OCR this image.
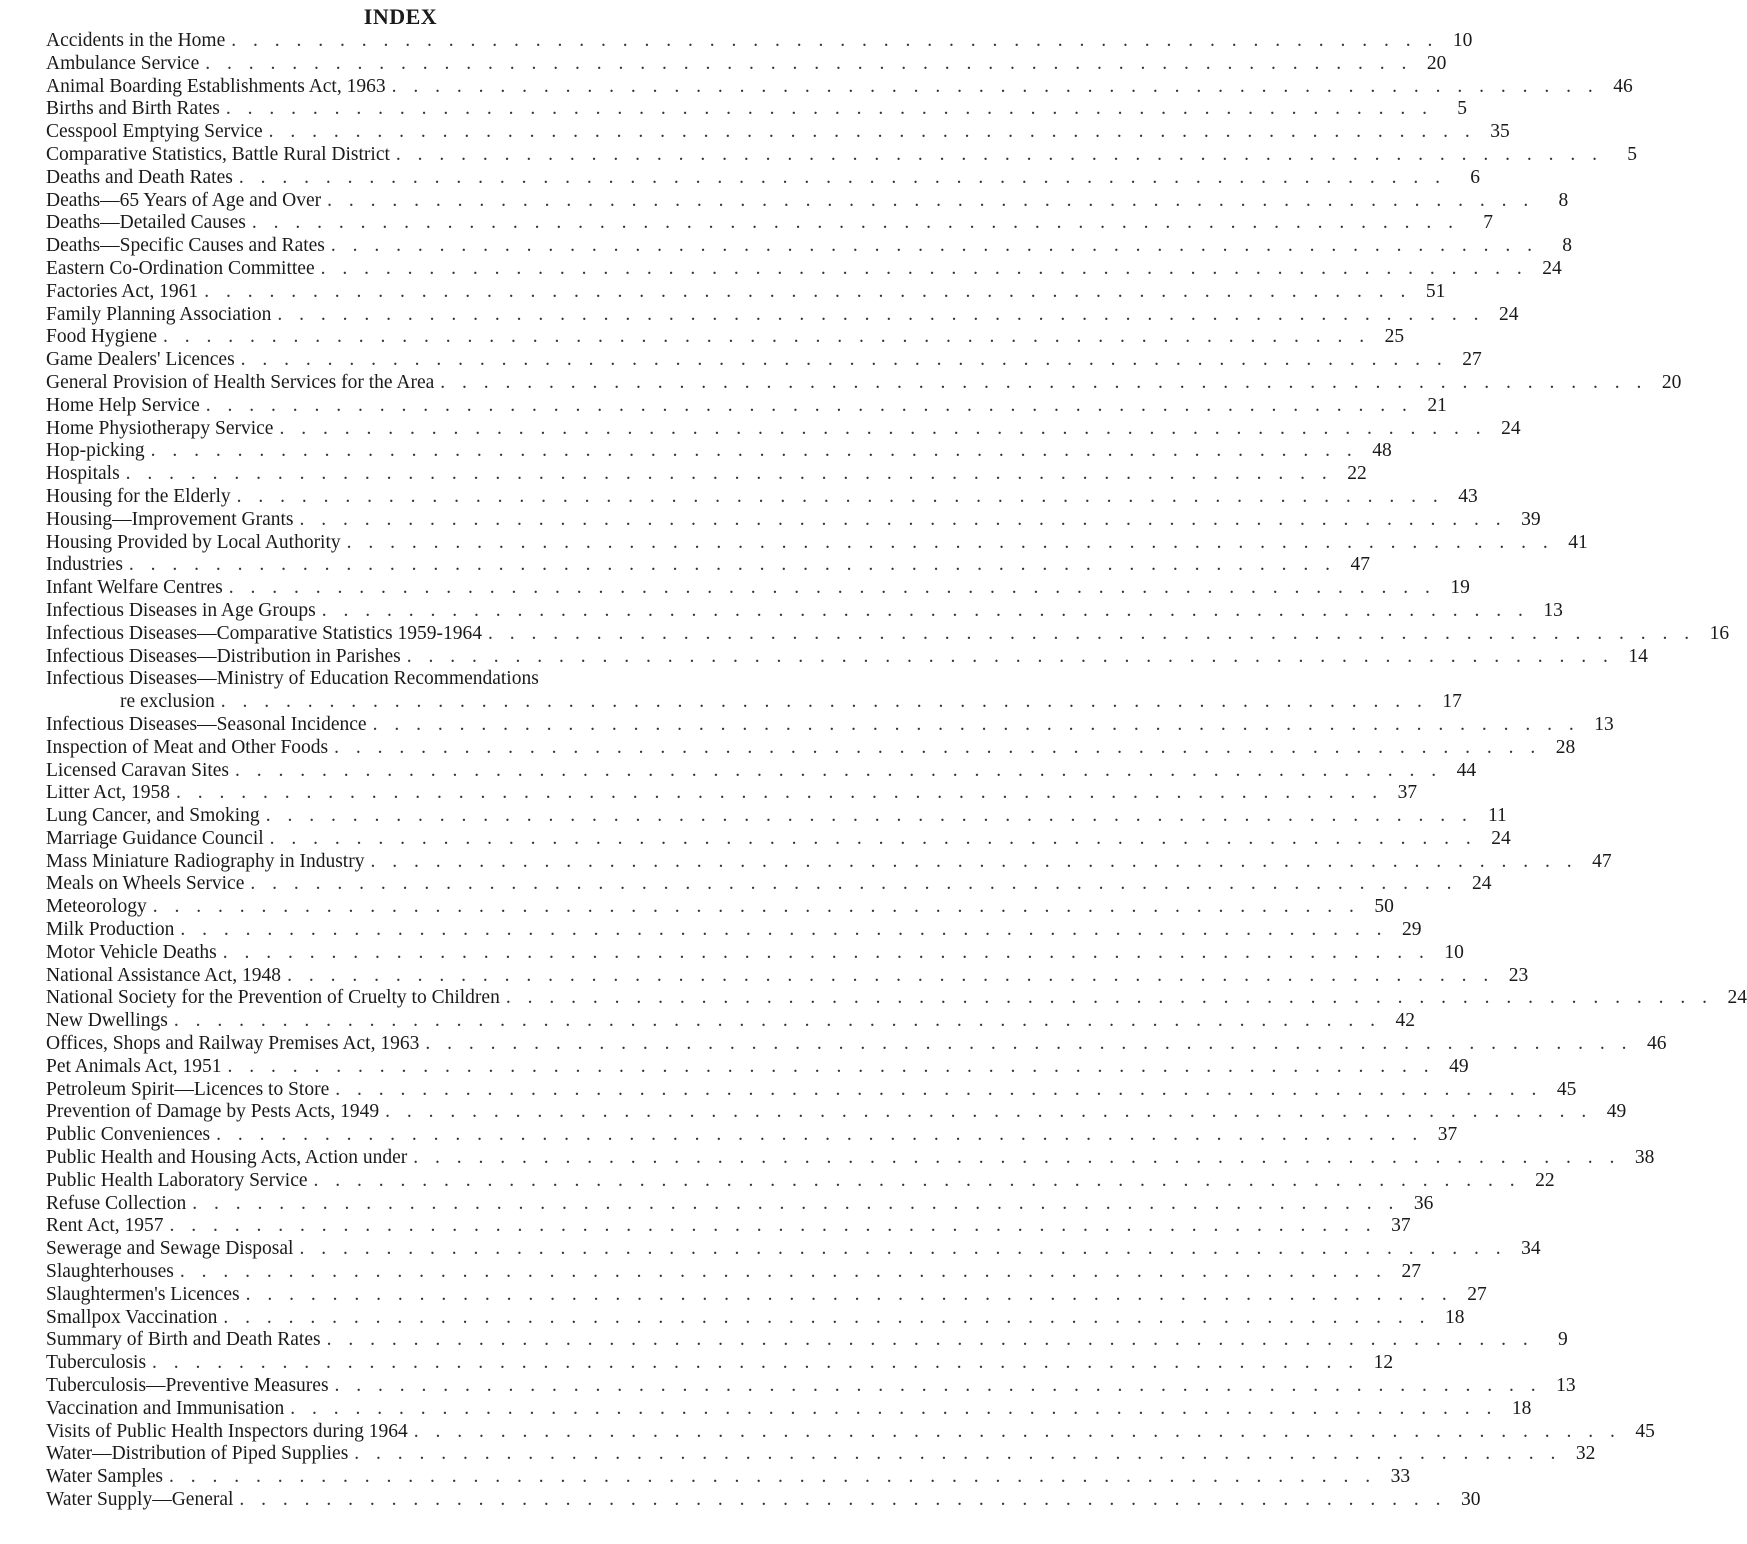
INDEX
Accidents in the Home . . . . . . . . . . . . . . . . . . . . . . . . . . . . . . . . . . . . . . . . . . . . . . . . . . . . . . . . 10
Ambulance Service . . . . . . . . . . . . . . . . . . . . . . . . . . . . . . . . . . . . . . . . . . . . . . . . . . . . . . . . 20
Animal Boarding Establishments Act, 1963 . . . . . . . . . . . . . . . . . . . . . . . . . . . . . . . . . . . . . . . . . . . . . . . . . . . . . . . . 46
Births and Birth Rates . . . . . . . . . . . . . . . . . . . . . . . . . . . . . . . . . . . . . . . . . . . . . . . . . . . . . . . .	5
Cesspool Emptying Service . . . . . . . . . . . . . . . . . . . . . . . . . . . . . . . . . . . . . . . . . . . . . . . . . . . . . . . . 35
Comparative Statistics, Battle Rural District . . . . . . . . . . . . . . . . . . . . . . . . . . . . . . . . . . . . . . . . . . . . . . . . . . . . . . . .	5
Deaths and Death Rates . . . . . . . . . . . . . . . . . . . . . . . . . . . . . . . . . . . . . . . . . . . . . . . . . . . . . . . .	6
Deaths—65 Years of Age and Over . . . . . . . . . . . . . . . . . . . . . . . . . . . . . . . . . . . . . . . . . . . . . . . . . . . . . . . .	8
Deaths—Detailed Causes . . . . . . . . . . . . . . . . . . . . . . . . . . . . . . . . . . . . . . . . . . . . . . . . . . . . . . . .	7
Deaths—Specific Causes and Rates . . . . . . . . . . . . . . . . . . . . . . . . . . . . . . . . . . . . . . . . . . . . . . . . . . . . . . . .	8
Eastern Co-Ordination Committee . . . . . . . . . . . . . . . . . . . . . . . . . . . . . . . . . . . . . . . . . . . . . . . . . . . . . . . . 24
Factories Act, 1961 . . . . . . . . . . . . . . . . . . . . . . . . . . . . . . . . . . . . . . . . . . . . . . . . . . . . . . . . 51
Family Planning Association . . . . . . . . . . . . . . . . . . . . . . . . . . . . . . . . . . . . . . . . . . . . . . . . . . . . . . . . 24
Food Hygiene . . . . . . . . . . . . . . . . . . . . . . . . . . . . . . . . . . . . . . . . . . . . . . . . . . . . . . . . 25
Game Dealers' Licences . . . . . . . . . . . . . . . . . . . . . . . . . . . . . . . . . . . . . . . . . . . . . . . . . . . . . . . . 27
General Provision of Health Services for the Area . . . . . . . . . . . . . . . . . . . . . . . . . . . . . . . . . . . . . . . . . . . . . . . . . . . . . . . . 20
Home Help Service . . . . . . . . . . . . . . . . . . . . . . . . . . . . . . . . . . . . . . . . . . . . . . . . . . . . . . . . 21
Home Physiotherapy Service . . . . . . . . . . . . . . . . . . . . . . . . . . . . . . . . . . . . . . . . . . . . . . . . . . . . . . . . 24
Hop-picking . . . . . . . . . . . . . . . . . . . . . . . . . . . . . . . . . . . . . . . . . . . . . . . . . . . . . . . . 48
Hospitals . . . . . . . . . . . . . . . . . . . . . . . . . . . . . . . . . . . . . . . . . . . . . . . . . . . . . . . . 22
Housing for the Elderly . . . . . . . . . . . . . . . . . . . . . . . . . . . . . . . . . . . . . . . . . . . . . . . . . . . . . . . . 43
Housing—Improvement Grants . . . . . . . . . . . . . . . . . . . . . . . . . . . . . . . . . . . . . . . . . . . . . . . . . . . . . . . . 39
Housing Provided by Local Authority . . . . . . . . . . . . . . . . . . . . . . . . . . . . . . . . . . . . . . . . . . . . . . . . . . . . . . . . 41
Industries . . . . . . . . . . . . . . . . . . . . . . . . . . . . . . . . . . . . . . . . . . . . . . . . . . . . . . . . 47
Infant Welfare Centres . . . . . . . . . . . . . . . . . . . . . . . . . . . . . . . . . . . . . . . . . . . . . . . . . . . . . . . . 19
Infectious Diseases in Age Groups . . . . . . . . . . . . . . . . . . . . . . . . . . . . . . . . . . . . . . . . . . . . . . . . . . . . . . . . 13
Infectious Diseases—Comparative Statistics 1959-1964 . . . . . . . . . . . . . . . . . . . . . . . . . . . . . . . . . . . . . . . . . . . . . . . . . . . . . . . . 16
Infectious Diseases—Distribution in Parishes . . . . . . . . . . . . . . . . . . . . . . . . . . . . . . . . . . . . . . . . . . . . . . . . . . . . . . . . 14
Infectious Diseases—Ministry of Education Recommendations
re exclusion . . . . . . . . . . . . . . . . . . . . . . . . . . . . . . . . . . . . . . . . . . . . . . . . . . . . . . . . 17
Infectious Diseases—Seasonal Incidence . . . . . . . . . . . . . . . . . . . . . . . . . . . . . . . . . . . . . . . . . . . . . . . . . . . . . . . . 13
Inspection of Meat and Other Foods . . . . . . . . . . . . . . . . . . . . . . . . . . . . . . . . . . . . . . . . . . . . . . . . . . . . . . . . 28
Licensed Caravan Sites . . . . . . . . . . . . . . . . . . . . . . . . . . . . . . . . . . . . . . . . . . . . . . . . . . . . . . . . 44
Litter Act, 1958 . . . . . . . . . . . . . . . . . . . . . . . . . . . . . . . . . . . . . . . . . . . . . . . . . . . . . . . . 37
Lung Cancer, and Smoking . . . . . . . . . . . . . . . . . . . . . . . . . . . . . . . . . . . . . . . . . . . . . . . . . . . . . . . . 11
Marriage Guidance Council . . . . . . . . . . . . . . . . . . . . . . . . . . . . . . . . . . . . . . . . . . . . . . . . . . . . . . . . 24
Mass Miniature Radiography in Industry . . . . . . . . . . . . . . . . . . . . . . . . . . . . . . . . . . . . . . . . . . . . . . . . . . . . . . . . 47
Meals on Wheels Service . . . . . . . . . . . . . . . . . . . . . . . . . . . . . . . . . . . . . . . . . . . . . . . . . . . . . . . . 24
Meteorology . . . . . . . . . . . . . . . . . . . . . . . . . . . . . . . . . . . . . . . . . . . . . . . . . . . . . . . . 50
Milk Production . . . . . . . . . . . . . . . . . . . . . . . . . . . . . . . . . . . . . . . . . . . . . . . . . . . . . . . . 29
Motor Vehicle Deaths . . . . . . . . . . . . . . . . . . . . . . . . . . . . . . . . . . . . . . . . . . . . . . . . . . . . . . . . 10
National Assistance Act, 1948 . . . . . . . . . . . . . . . . . . . . . . . . . . . . . . . . . . . . . . . . . . . . . . . . . . . . . . . . 23
National Society for the Prevention of Cruelty to Children . . . . . . . . . . . . . . . . . . . . . . . . . . . . . . . . . . . . . . . . . . . . . . . . . . . . . . . . 24
New Dwellings . . . . . . . . . . . . . . . . . . . . . . . . . . . . . . . . . . . . . . . . . . . . . . . . . . . . . . . . 42
Offices, Shops and Railway Premises Act, 1963 . . . . . . . . . . . . . . . . . . . . . . . . . . . . . . . . . . . . . . . . . . . . . . . . . . . . . . . . 46
Pet Animals Act, 1951 . . . . . . . . . . . . . . . . . . . . . . . . . . . . . . . . . . . . . . . . . . . . . . . . . . . . . . . . 49
Petroleum Spirit—Licences to Store . . . . . . . . . . . . . . . . . . . . . . . . . . . . . . . . . . . . . . . . . . . . . . . . . . . . . . . . 45
Prevention of Damage by Pests Acts, 1949 . . . . . . . . . . . . . . . . . . . . . . . . . . . . . . . . . . . . . . . . . . . . . . . . . . . . . . . . 49
Public Conveniences . . . . . . . . . . . . . . . . . . . . . . . . . . . . . . . . . . . . . . . . . . . . . . . . . . . . . . . . 37
Public Health and Housing Acts, Action under . . . . . . . . . . . . . . . . . . . . . . . . . . . . . . . . . . . . . . . . . . . . . . . . . . . . . . . . 38
Public Health Laboratory Service . . . . . . . . . . . . . . . . . . . . . . . . . . . . . . . . . . . . . . . . . . . . . . . . . . . . . . . . 22
Refuse Collection . . . . . . . . . . . . . . . . . . . . . . . . . . . . . . . . . . . . . . . . . . . . . . . . . . . . . . . . 36
Rent Act, 1957 . . . . . . . . . . . . . . . . . . . . . . . . . . . . . . . . . . . . . . . . . . . . . . . . . . . . . . . . 37
Sewerage and Sewage Disposal . . . . . . . . . . . . . . . . . . . . . . . . . . . . . . . . . . . . . . . . . . . . . . . . . . . . . . . . 34
Slaughterhouses . . . . . . . . . . . . . . . . . . . . . . . . . . . . . . . . . . . . . . . . . . . . . . . . . . . . . . . . 27
Slaughtermen's Licences . . . . . . . . . . . . . . . . . . . . . . . . . . . . . . . . . . . . . . . . . . . . . . . . . . . . . . . . 27
Smallpox Vaccination . . . . . . . . . . . . . . . . . . . . . . . . . . . . . . . . . . . . . . . . . . . . . . . . . . . . . . . . 18
Summary of Birth and Death Rates . . . . . . . . . . . . . . . . . . . . . . . . . . . . . . . . . . . . . . . . . . . . . . . . . . . . . . . .	9
Tuberculosis . . . . . . . . . . . . . . . . . . . . . . . . . . . . . . . . . . . . . . . . . . . . . . . . . . . . . . . . 12
Tuberculosis—Preventive Measures . . . . . . . . . . . . . . . . . . . . . . . . . . . . . . . . . . . . . . . . . . . . . . . . . . . . . . . . 13
Vaccination and Immunisation . . . . . . . . . . . . . . . . . . . . . . . . . . . . . . . . . . . . . . . . . . . . . . . . . . . . . . . . 18
Visits of Public Health Inspectors during 1964 . . . . . . . . . . . . . . . . . . . . . . . . . . . . . . . . . . . . . . . . . . . . . . . . . . . . . . . . 45
Water—Distribution of Piped Supplies . . . . . . . . . . . . . . . . . . . . . . . . . . . . . . . . . . . . . . . . . . . . . . . . . . . . . . . . 32
Water Samples . . . . . . . . . . . . . . . . . . . . . . . . . . . . . . . . . . . . . . . . . . . . . . . . . . . . . . . . 33
Water Supply—General . . . . . . . . . . . . . . . . . . . . . . . . . . . . . . . . . . . . . . . . . . . . . . . . . . . . . . . . 30
